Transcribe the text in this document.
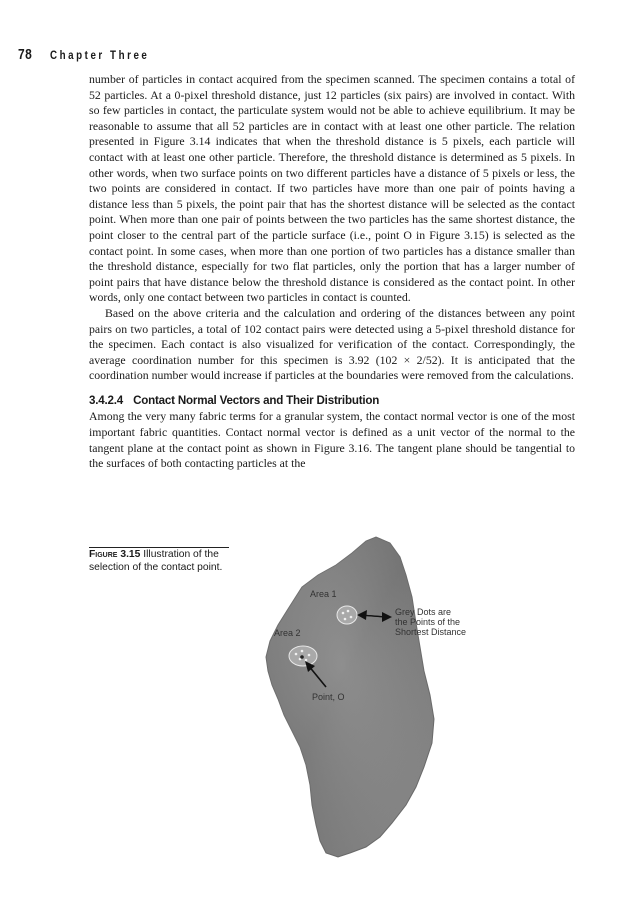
78 Chapter Three

number of particles in contact acquired from the specimen scanned. The specimen contains a total of 52 particles. At a 0-pixel threshold distance, just 12 particles (six pairs) are involved in contact. With so few particles in contact, the particulate system would not be able to achieve equilibrium. It may be reasonable to assume that all 52 particles are in contact with at least one other particle. The relation presented in Figure 3.14 indicates that when the threshold distance is 5 pixels, each particle will contact with at least one other particle. Therefore, the threshold distance is determined as 5 pixels. In other words, when two surface points on two different particles have a distance of 5 pixels or less, the two points are considered in contact. If two particles have more than one pair of points having a distance less than 5 pixels, the point pair that has the shortest distance will be selected as the contact point. When more than one pair of points between the two particles has the same shortest distance, the point closer to the central part of the particle surface (i.e., point O in Figure 3.15) is selected as the contact point. In some cases, when more than one portion of two particles has a distance smaller than the threshold distance, especially for two flat particles, only the portion that has a larger number of point pairs that have distance below the threshold distance is considered as the contact point. In other words, only one contact between two particles in contact is counted.

Based on the above criteria and the calculation and ordering of the distances between any point pairs on two particles, a total of 102 contact pairs were detected using a 5-pixel threshold distance for the specimen. Each contact is also visualized for verification of the contact. Correspondingly, the average coordination number for this specimen is 3.92 (102 × 2/52). It is anticipated that the coordination number would increase if particles at the boundaries were removed from the calculations.

3.4.2.4 Contact Normal Vectors and Their Distribution

Among the very many fabric terms for a granular system, the contact normal vector is one of the most important fabric quantities. Contact normal vector is defined as a unit vector of the normal to the tangent plane at the contact point as shown in Figure 3.16. The tangent plane should be tangential to the surfaces of both contacting particles at the

Figure 3.15 Illustration of the selection of the contact point.
Area 1
Area 2
Point, O
Grey Dots are
the Points of the
Shortest Distance
